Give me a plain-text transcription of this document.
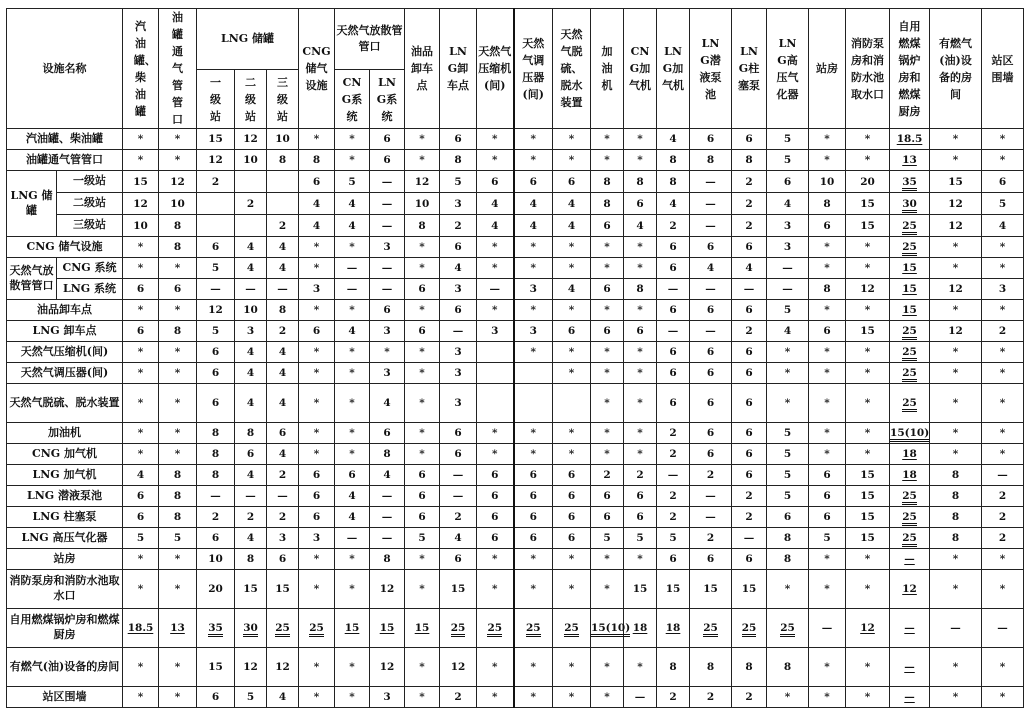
设施名称		汽油罐、柴油罐	油罐通气管管口	LNG 储罐			CNG储气设施	天然气放散管管口		油品卸车点	LNG卸车点	天然气压缩机(间)	天然气调压器(间)	天然气脱硫、脱水装置	加油机	CNG加气机	LNG加气机	LNG潜液泵池	LNG柱塞泵	LNG高压气化器	站房	消防泵房和消防水池取水口	自用燃煤锅炉房和燃煤厨房	有燃气(油)设备的房间	站区围墙
				一级站	二级站	三级站		CNG系统	LNG系统																
汽油罐、柴油罐		*	*	15	12	10	*	*	6	*	6	*	*	*	*	*	4	6	6	5	*	*	18.5	*	*
油罐通气管管口		*	*	12	10	8	8	*	6	*	8	*	*	*	*	*	8	8	8	5	*	*	13	*	*
LNG 储罐	一级站	15	12	2			6	5	—	12	5	6	6	6	8	8	8	—	2	6	10	20	35	15	6
	二级站	12	10		2		4	4	—	10	3	4	4	4	8	6	4	—	2	4	8	15	30	12	5
	三级站	10	8			2	4	4	—	8	2	4	4	4	6	4	2	—	2	3	6	15	25	12	4
CNG 储气设施		*	8	6	4	4	*	*	3	*	6	*	*	*	*	*	6	6	6	3	*	*	25	*	*
天然气放散管管口	CNG 系统	*	*	5	4	4	*	—	—	*	4	*	*	*	*	*	6	4	4	—	*	*	15	*	*
	LNG 系统	6	6	—	—	—	3	—	—	6	3	—	3	4	6	8	—	—	—	—	8	12	15	12	3
油品卸车点		*	*	12	10	8	*	*	6	*	6	*	*	*	*	*	6	6	6	5	*	*	15	*	*
LNG 卸车点		6	8	5	3	2	6	4	3	6	—	3	3	6	6	6	—	—	2	4	6	15	25	12	2
天然气压缩机(间)		*	*	6	4	4	*	*	*	*	3		*	*	*	*	6	6	6	*	*	*	25	*	*
天然气调压器(间)		*	*	6	4	4	*	*	3	*	3			*	*	*	6	6	6	*	*	*	25	*	*
天然气脱硫、脱水装置		*	*	6	4	4	*	*	4	*	3				*	*	6	6	6	*	*	*	25	*	*
加油机		*	*	8	8	6	*	*	6	*	6	*	*	*	*	*	2	6	6	5	*	*	15(10)	*	*
CNG 加气机		*	*	8	6	4	*	*	8	*	6	*	*	*	*	*	2	6	6	5	*	*	18	*	*
LNG 加气机		4	8	8	4	2	6	6	4	6	—	6	6	6	2	2	—	2	6	5	6	15	18	8	—
LNG 潜液泵池		6	8	—	—	—	6	4	—	6	—	6	6	6	6	6	2	—	2	5	6	15	25	8	2
LNG 柱塞泵		6	8	2	2	2	6	4	—	6	2	6	6	6	6	6	2	—	2	6	6	15	25	8	2
LNG 高压气化器		5	5	6	4	3	3	—	—	5	4	6	6	6	5	5	5	2	—	8	5	15	25	8	2
站房		*	*	10	8	6	*	*	8	*	6	*	*	*	*	*	6	6	6	8	*	*	—	*	*
消防泵房和消防水池取水口		*	*	20	15	15	*	*	12	*	15	*	*	*	*	15	15	15	15	*	*	*	12	*	*
自用燃煤锅炉房和燃煤厨房		18.5	13	35	30	25	25	15	15	15	25	25	25	25	15(10)	18	18	25	25	25	—	12	—	—	—
有燃气(油)设备的房间		*	*	15	12	12	*	*	12	*	12	*	*	*	*	*	8	8	8	8	*	*	—	*	*
站区围墙		*	*	6	5	4	*	*	3	*	2	*	*	*	*	—	2	2	2	*	*	*	—	*	*
